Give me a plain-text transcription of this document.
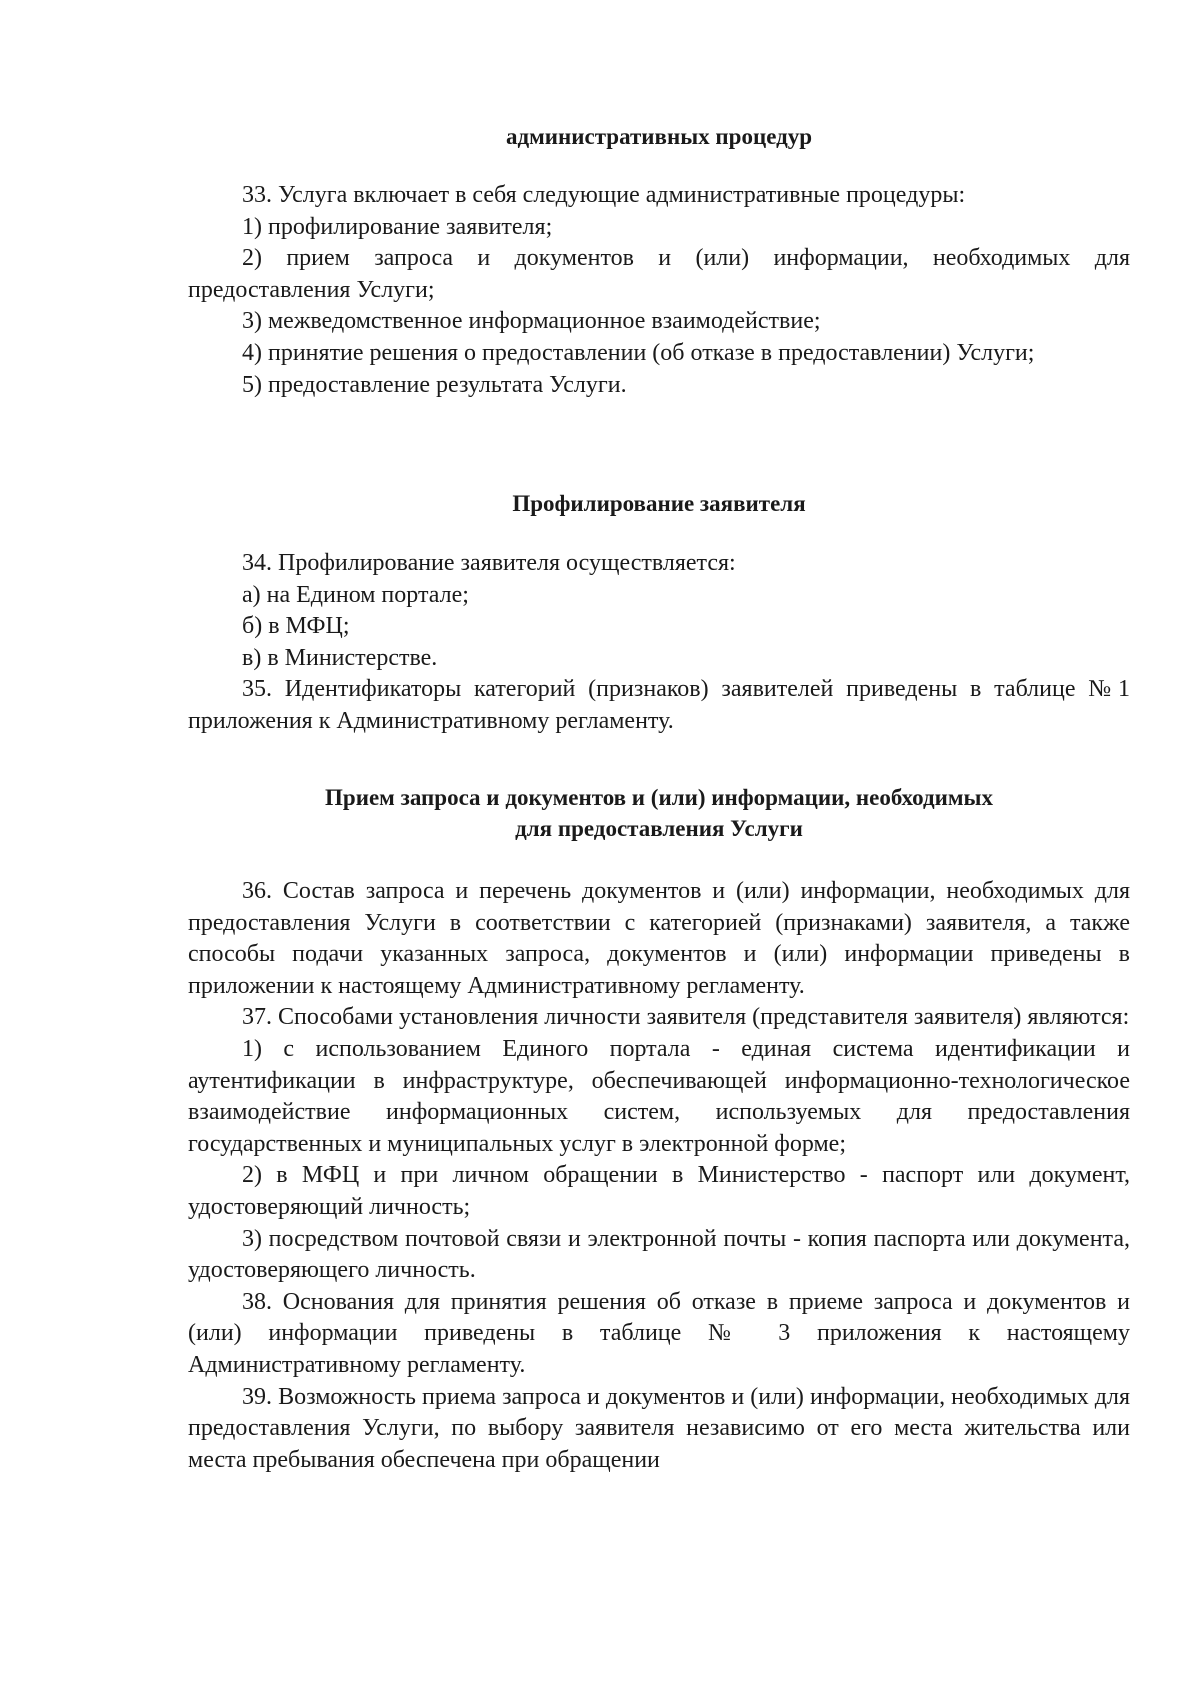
административных процедур

33. Услуга включает в себя следующие административные процедуры:

1) профилирование заявителя;

2) прием запроса и документов и (или) информации, необходимых для предоставления Услуги;

3) межведомственное информационное взаимодействие;

4) принятие решения о предоставлении (об отказе в предоставлении) Услуги;

5) предоставление результата Услуги.

Профилирование заявителя

34. Профилирование заявителя осуществляется:

а) на Едином портале;

б) в МФЦ;

в) в Министерстве.

35. Идентификаторы категорий (признаков) заявителей приведены в таблице №1 приложения к Административному регламенту.

Прием запроса и документов и (или) информации, необходимых
для предоставления Услуги

36. Состав запроса и перечень документов и (или) информации, необходимых для предоставления Услуги в соответствии с категорией (признаками) заявителя, а также способы подачи указанных запроса, документов и (или) информации приведены в приложении к настоящему Административному регламенту.

37. Способами установления личности заявителя (представителя заявителя) являются:

1) с использованием Единого портала - единая система идентификации и аутентификации в инфраструктуре, обеспечивающей информационно-технологическое взаимодействие информационных систем, используемых для предоставления государственных и муниципальных услуг в электронной форме;

2) в МФЦ и при личном обращении в Министерство - паспорт или документ, удостоверяющий личность;

3) посредством почтовой связи и электронной почты - копия паспорта или документа, удостоверяющего личность.

38. Основания для принятия решения об отказе в приеме запроса и документов и (или) информации приведены в таблице № 3 приложения к настоящему Административному регламенту.

39. Возможность приема запроса и документов и (или) информации, необходимых для предоставления Услуги, по выбору заявителя независимо от его места жительства или места пребывания обеспечена при обращении
